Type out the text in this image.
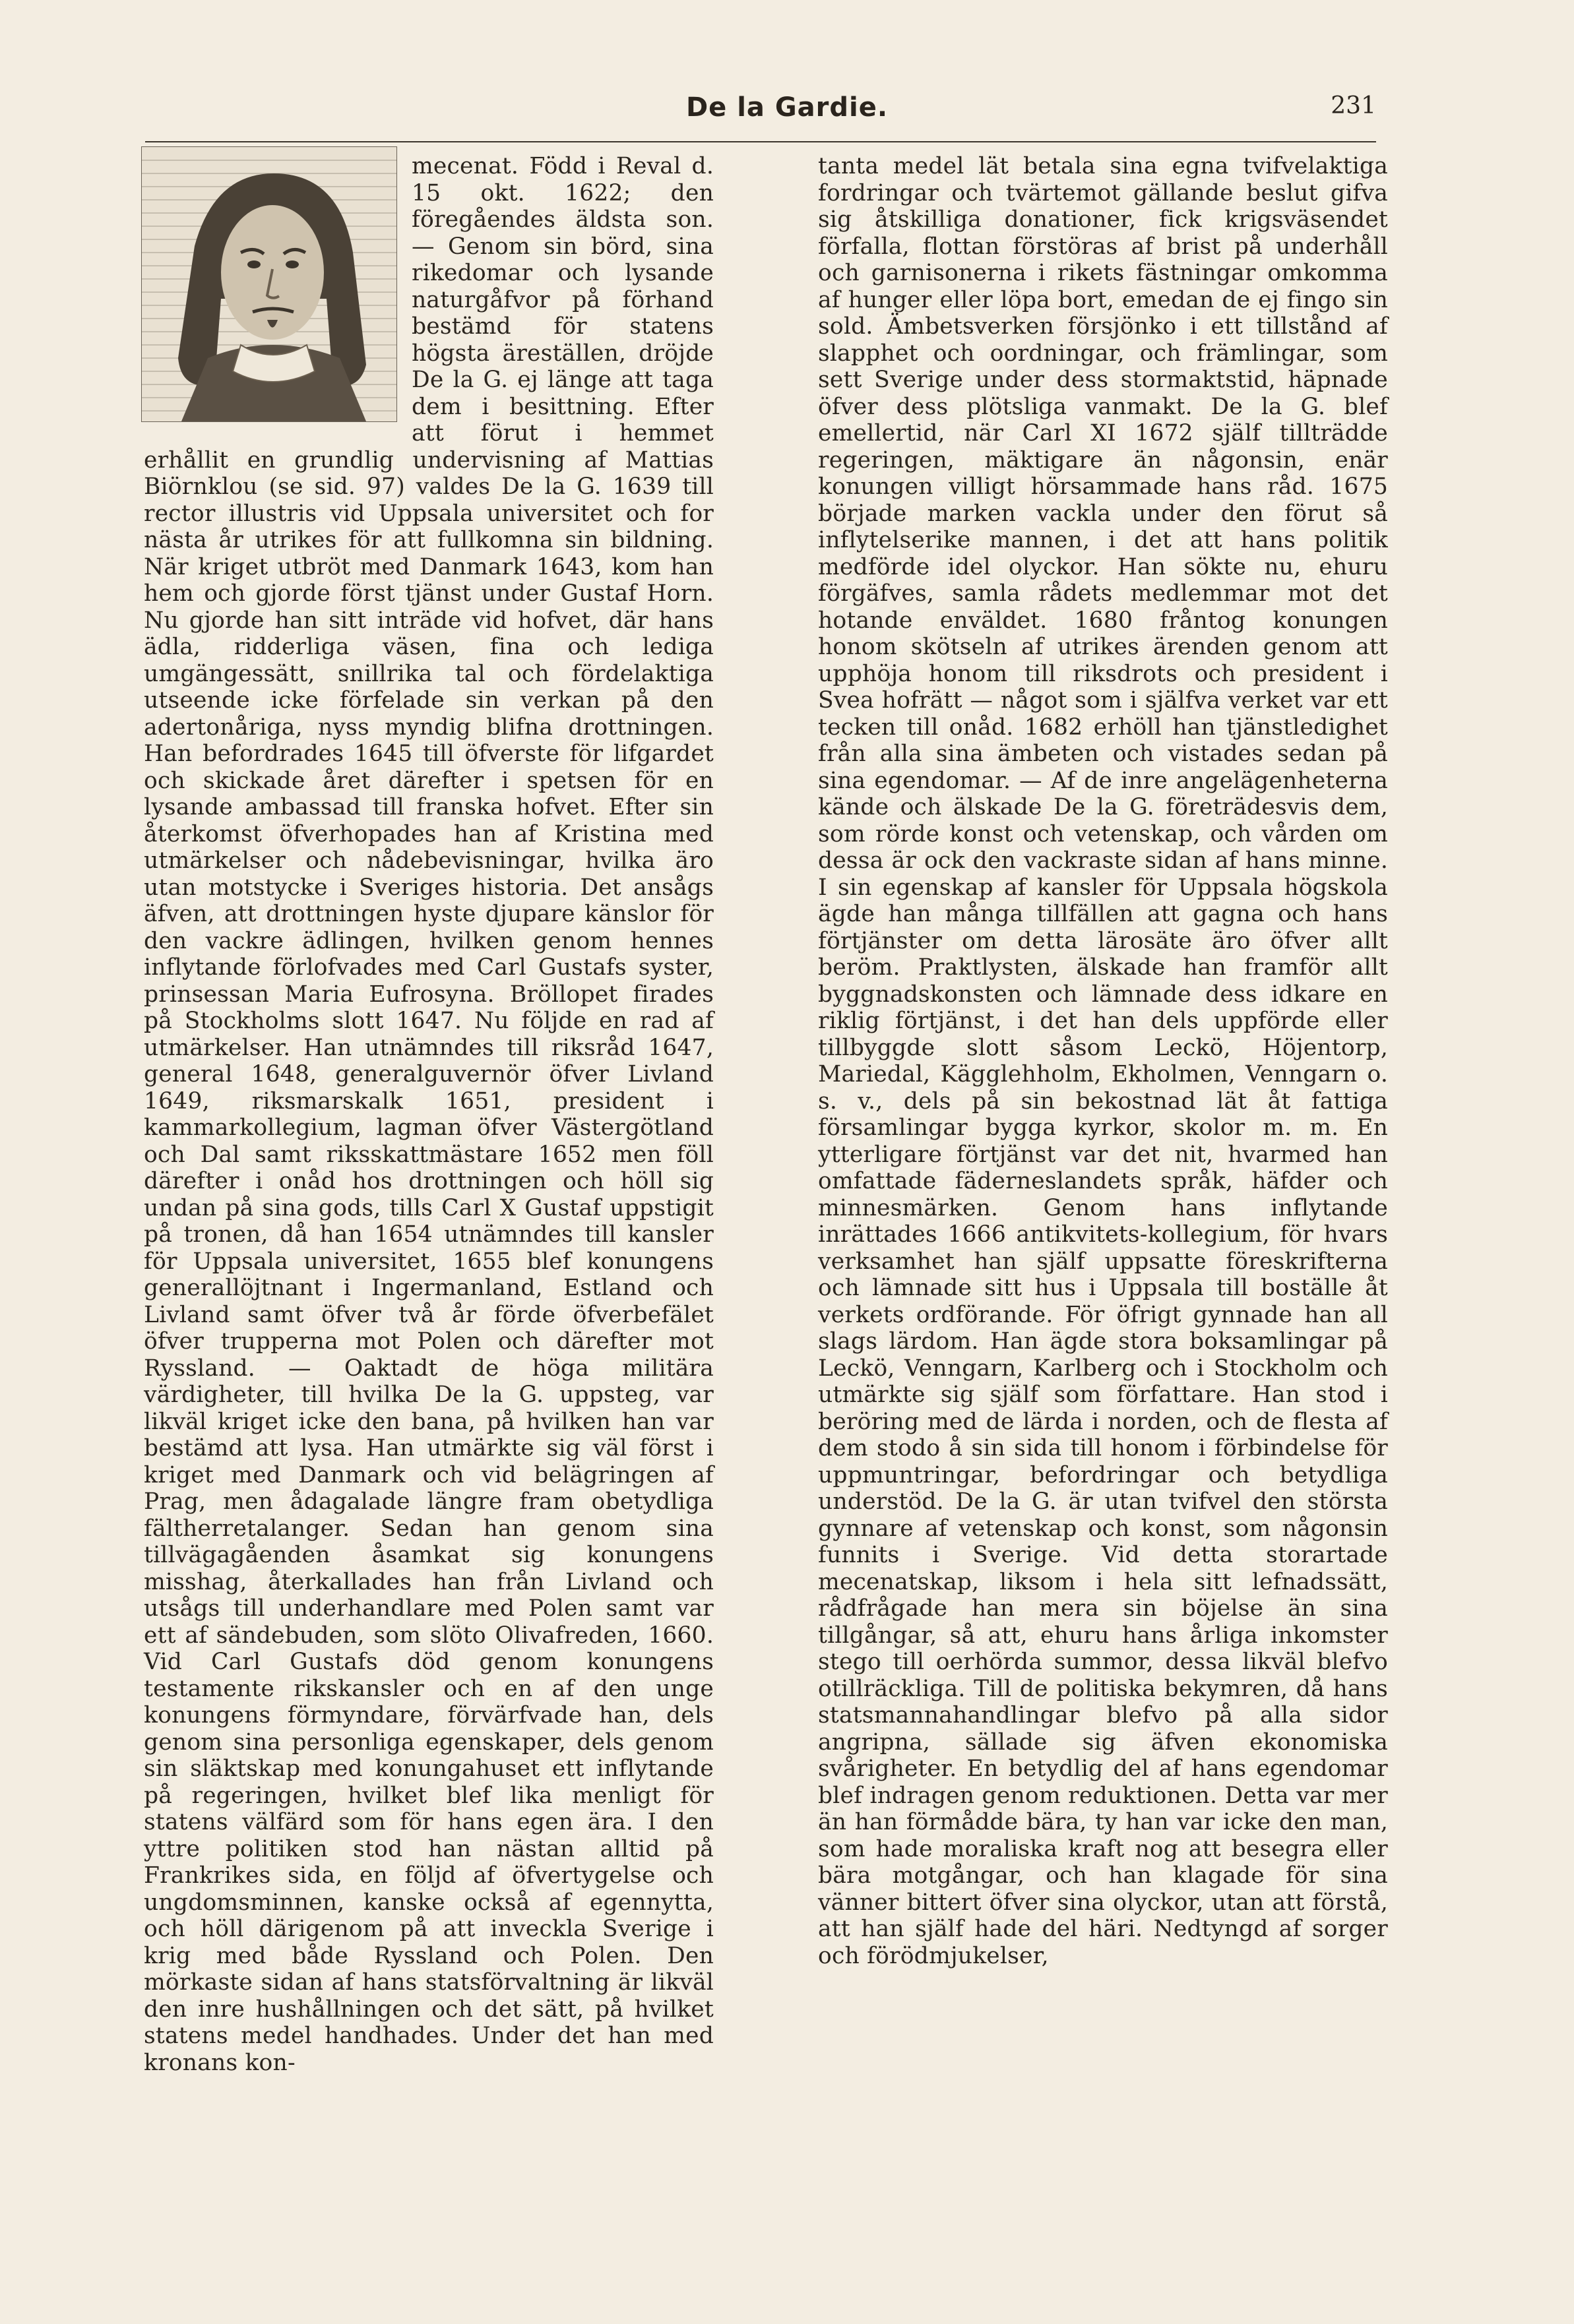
De la Gardie.	231

mecenat. Född i Reval d. 15 okt. 1622; den föregåendes äldsta son. — Genom sin börd, sina rikedomar och lysande naturgåfvor på förhand bestämd för statens högsta äreställen, dröjde De la G. ej länge att taga dem i besittning. Efter att förut i hemmet erhållit en grundlig undervisning af Mattias Biörnklou (se sid. 97) valdes De la G. 1639 till rector illustris vid Uppsala universitet och for nästa år utrikes för att fullkomna sin bildning. När kriget utbröt med Danmark 1643, kom han hem och gjorde först tjänst under Gustaf Horn. Nu gjorde han sitt inträde vid hofvet, där hans ädla, ridderliga väsen, fina och lediga umgängessätt, snillrika tal och fördelaktiga utseende icke förfelade sin verkan på den adertonåriga, nyss myndig blifna drottningen. Han befordrades 1645 till öfverste för lifgardet och skickade året därefter i spetsen för en lysande ambassad till franska hofvet. Efter sin återkomst öfverhopades han af Kristina med utmärkelser och nådebevisningar, hvilka äro utan motstycke i Sveriges historia. Det ansågs äfven, att drottningen hyste djupare känslor för den vackre ädlingen, hvilken genom hennes inflytande förlofvades med Carl Gustafs syster, prinsessan Maria Eufrosyna. Bröllopet firades på Stockholms slott 1647. Nu följde en rad af utmärkelser. Han utnämndes till riksråd 1647, general 1648, generalguvernör öfver Livland 1649, riksmarskalk 1651, president i kammarkollegium, lagman öfver Västergötland och Dal samt riksskattmästare 1652 men föll därefter i onåd hos drottningen och höll sig undan på sina gods, tills Carl X Gustaf uppstigit på tronen, då han 1654 utnämndes till kansler för Uppsala universitet, 1655 blef konungens generallöjtnant i Ingermanland, Estland och Livland samt öfver två år förde öfverbefälet öfver trupperna mot Polen och därefter mot Ryssland. — Oaktadt de höga militära värdigheter, till hvilka De la G. uppsteg, var likväl kriget icke den bana, på hvilken han var bestämd att lysa. Han utmärkte sig väl först i kriget med Danmark och vid belägringen af Prag, men ådagalade längre fram obetydliga fältherretalanger. Sedan han genom sina tillvägagåenden åsamkat sig konungens misshag, återkallades han från Livland och utsågs till underhandlare med Polen samt var ett af sändebuden, som slöto Olivafreden, 1660. Vid Carl Gustafs död genom konungens testamente rikskansler och en af den unge konungens förmyndare, förvärfvade han, dels genom sina personliga egenskaper, dels genom sin släktskap med konungahuset ett inflytande på regeringen, hvilket blef lika menligt för statens välfärd som för hans egen ära. I den yttre politiken stod han nästan alltid på Frankrikes sida, en följd af öfvertygelse och ungdomsminnen, kanske också af egennytta, och höll därigenom på att inveckla Sverige i krig med både Ryssland och Polen. Den mörkaste sidan af hans statsförvaltning är likväl den inre hushållningen och det sätt, på hvilket statens medel handhades. Under det han med kronans kon-

tanta medel lät betala sina egna tvifvelaktiga fordringar och tvärtemot gällande beslut gifva sig åtskilliga donationer, fick krigsväsendet förfalla, flottan förstöras af brist på underhåll och garnisonerna i rikets fästningar omkomma af hunger eller löpa bort, emedan de ej fingo sin sold. Ämbetsverken försjönko i ett tillstånd af slapphet och oordningar, och främlingar, som sett Sverige under dess stormaktstid, häpnade öfver dess plötsliga vanmakt. De la G. blef emellertid, när Carl XI 1672 själf tillträdde regeringen, mäktigare än någonsin, enär konungen villigt hörsammade hans råd. 1675 började marken vackla under den förut så inflytelserike mannen, i det att hans politik medförde idel olyckor. Han sökte nu, ehuru förgäfves, samla rådets medlemmar mot det hotande enväldet. 1680 fråntog konungen honom skötseln af utrikes ärenden genom att upphöja honom till riksdrots och president i Svea hofrätt — något som i själfva verket var ett tecken till onåd. 1682 erhöll han tjänstledighet från alla sina ämbeten och vistades sedan på sina egendomar. — Af de inre angelägenheterna kände och älskade De la G. företrädesvis dem, som rörde konst och vetenskap, och vården om dessa är ock den vackraste sidan af hans minne. I sin egenskap af kansler för Uppsala högskola ägde han många tillfällen att gagna och hans förtjänster om detta lärosäte äro öfver allt beröm. Praktlysten, älskade han framför allt byggnadskonsten och lämnade dess idkare en riklig förtjänst, i det han dels uppförde eller tillbyggde slott såsom Leckö, Höjentorp, Mariedal, Kägglehholm, Ekholmen, Venngarn o. s. v., dels på sin bekostnad lät åt fattiga församlingar bygga kyrkor, skolor m. m. En ytterligare förtjänst var det nit, hvarmed han omfattade fäderneslandets språk, häfder och minnesmärken. Genom hans inflytande inrättades 1666 antikvitets-kollegium, för hvars verksamhet han själf uppsatte föreskrifterna och lämnade sitt hus i Uppsala till boställe åt verkets ordförande. För öfrigt gynnade han all slags lärdom. Han ägde stora boksamlingar på Leckö, Venngarn, Karlberg och i Stockholm och utmärkte sig själf som författare. Han stod i beröring med de lärda i norden, och de flesta af dem stodo å sin sida till honom i förbindelse för uppmuntringar, befordringar och betydliga understöd. De la G. är utan tvifvel den största gynnare af vetenskap och konst, som någonsin funnits i Sverige. Vid detta storartade mecenatskap, liksom i hela sitt lefnadssätt, rådfrågade han mera sin böjelse än sina tillgångar, så att, ehuru hans årliga inkomster stego till oerhörda summor, dessa likväl blefvo otillräckliga. Till de politiska bekymren, då hans statsmannahandlingar blefvo på alla sidor angripna, sällade sig äfven ekonomiska svårigheter. En betydlig del af hans egendomar blef indragen genom reduktionen. Detta var mer än han förmådde bära, ty han var icke den man, som hade moraliska kraft nog att besegra eller bära motgångar, och han klagade för sina vänner bittert öfver sina olyckor, utan att förstå, att han själf hade del häri. Nedtyngd af sorger och förödmjukelser,
